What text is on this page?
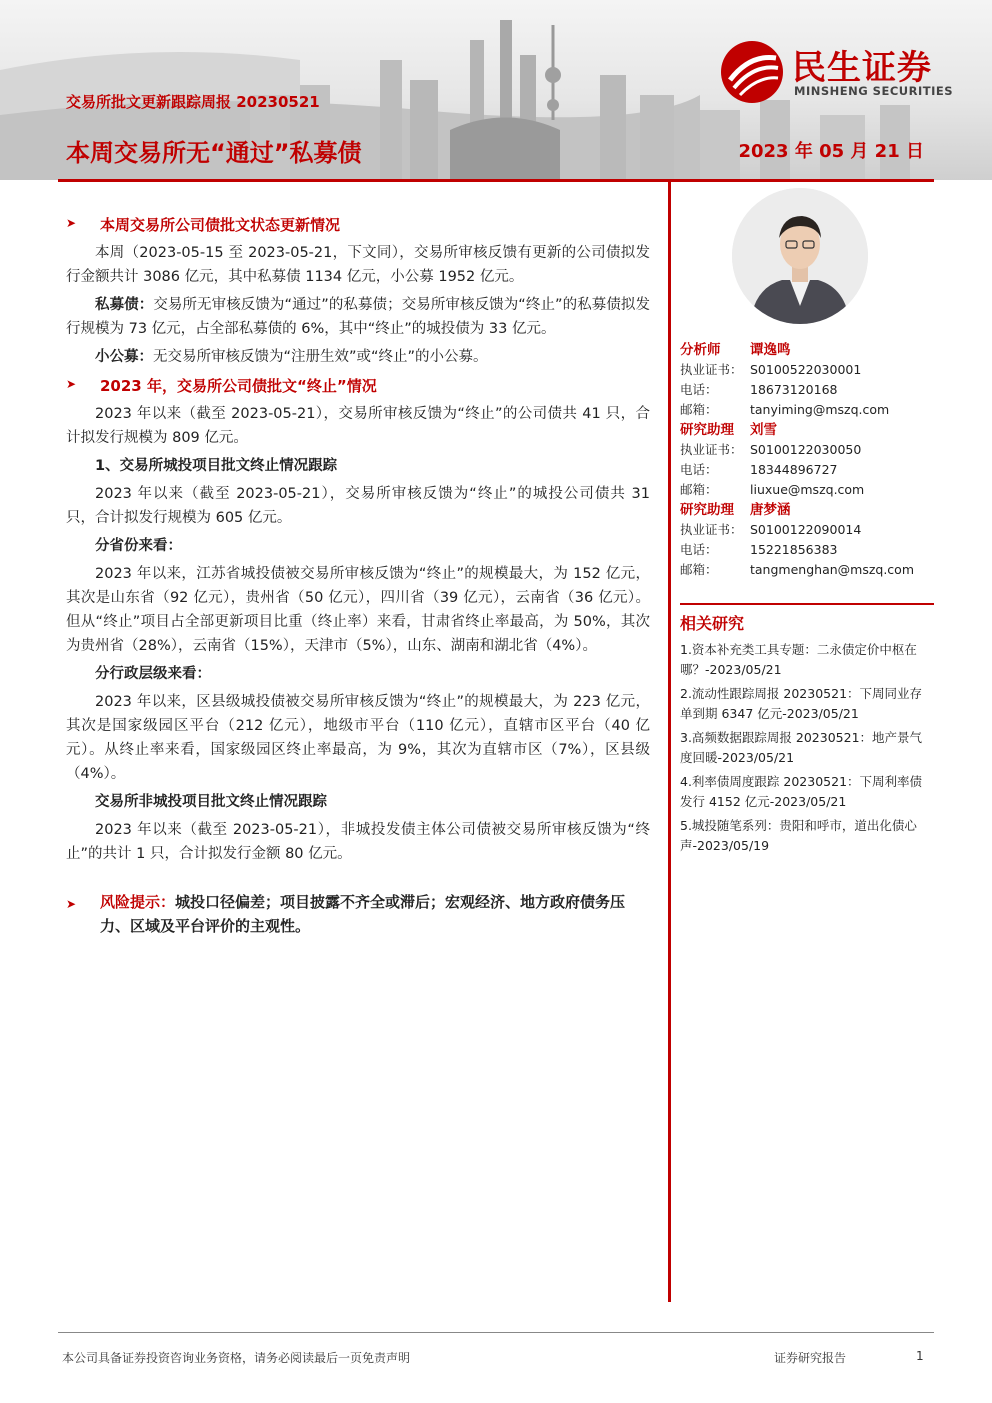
交易所批文更新跟踪周报 20230521
本周交易所无“通过”私募债	2023 年 05 月 21 日
民生证券
MINSHENG SECURITIES
➤	本周交易所公司债批文状态更新情况

本周（2023-05-15 至 2023-05-21，下文同），交易所审核反馈有更新的公司债拟发行金额共计 3086 亿元，其中私募债 1134 亿元，小公募 1952 亿元。

私募债：交易所无审核反馈为“通过”的私募债；交易所审核反馈为“终止”的私募债拟发行规模为 73 亿元，占全部私募债的 6%，其中“终止”的城投债为 33 亿元。

小公募：无交易所审核反馈为“注册生效”或“终止”的小公募。

➤	2023 年，交易所公司债批文“终止”情况

2023 年以来（截至 2023-05-21），交易所审核反馈为“终止”的公司债共 41 只，合计拟发行规模为 809 亿元。

1、交易所城投项目批文终止情况跟踪

2023 年以来（截至 2023-05-21），交易所审核反馈为“终止”的城投公司债共 31 只，合计拟发行规模为 605 亿元。

分省份来看：

2023 年以来，江苏省城投债被交易所审核反馈为“终止”的规模最大，为 152 亿元，其次是山东省（92 亿元），贵州省（50 亿元），四川省（39 亿元），云南省（36 亿元）。但从“终止”项目占全部更新项目比重（终止率）来看，甘肃省终止率最高，为 50%，其次为贵州省（28%），云南省（15%），天津市（5%），山东、湖南和湖北省（4%）。

分行政层级来看：

2023 年以来，区县级城投债被交易所审核反馈为“终止”的规模最大，为 223 亿元，其次是国家级园区平台（212 亿元），地级市平台（110 亿元），直辖市区平台（40 亿元）。从终止率来看，国家级园区终止率最高，为 9%，其次为直辖市区（7%），区县级（4%）。

交易所非城投项目批文终止情况跟踪

2023 年以来（截至 2023-05-21），非城投发债主体公司债被交易所审核反馈为“终止”的共计 1 只，合计拟发行金额 80 亿元。

➤	风险提示：城投口径偏差；项目披露不齐全或滞后；宏观经济、地方政府债务压力、区域及平台评价的主观性。
分析师 谭逸鸣
执业证书： S0100522030001
电话：	18673120168
邮箱：	tanyiming@mszq.com
研究助理 刘雪
执业证书： S0100122030050
电话：	18344896727
邮箱：	liuxue@mszq.com
研究助理 唐梦涵
执业证书： S0100122090014
电话：	15221856383
邮箱：	tangmenghan@mszq.com
相关研究
1.资本补充类工具专题：二永债定价中枢在哪？-2023/05/21
2.流动性跟踪周报 20230521：下周同业存单到期 6347 亿元-2023/05/21
3.高频数据跟踪周报 20230521：地产景气度回暖-2023/05/21
4.利率债周度跟踪 20230521：下周利率债发行 4152 亿元-2023/05/21
5.城投随笔系列：贵阳和呼市，道出化债心声-2023/05/19
本公司具备证券投资咨询业务资格，请务必阅读最后一页免责声明	证券研究报告	1
